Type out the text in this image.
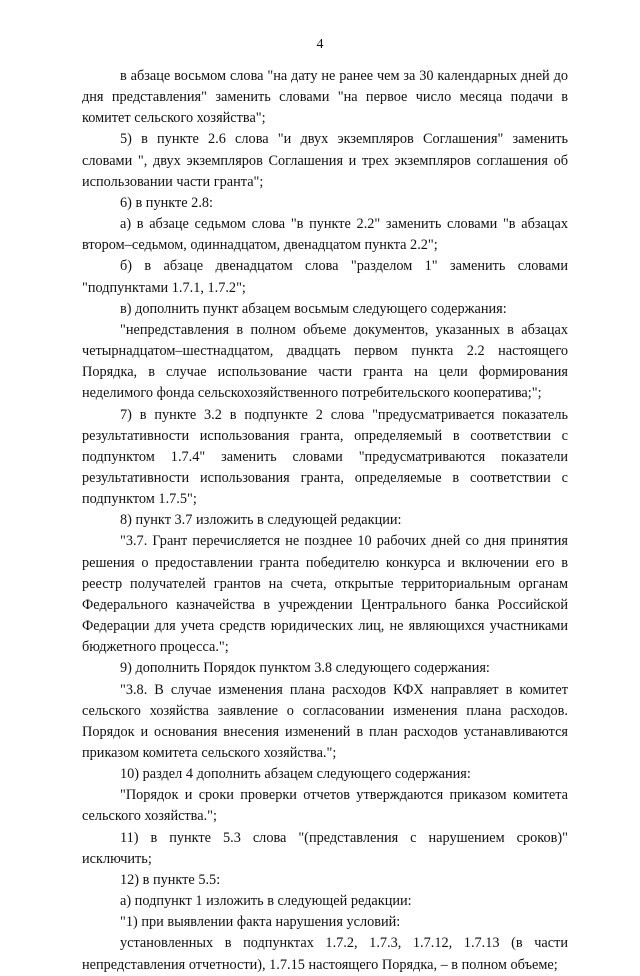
4

в абзаце восьмом слова "на дату не ранее чем за 30 календарных дней до дня представления" заменить словами "на первое число месяца подачи в комитет сельского хозяйства";

5) в пункте 2.6 слова "и двух экземпляров Соглашения" заменить словами ", двух экземпляров Соглашения и трех экземпляров соглашения об использовании части гранта";

6) в пункте 2.8:

а) в абзаце седьмом слова "в пункте 2.2" заменить словами "в абзацах втором–седьмом, одиннадцатом, двенадцатом пункта 2.2";

б) в абзаце двенадцатом слова "разделом 1" заменить словами "подпунктами 1.7.1, 1.7.2";

в) дополнить пункт абзацем восьмым следующего содержания:

"непредставления в полном объеме документов, указанных в абзацах четырнадцатом–шестнадцатом, двадцать первом пункта 2.2 настоящего Порядка, в случае использование части гранта на цели формирования неделимого фонда сельскохозяйственного потребительского кооператива;";

7) в пункте 3.2 в подпункте 2 слова "предусматривается показатель результативности использования гранта, определяемый в соответствии с подпунктом 1.7.4" заменить словами "предусматриваются показатели результативности использования гранта, определяемые в соответствии с подпунктом 1.7.5";

8) пункт 3.7 изложить в следующей редакции:

"3.7. Грант перечисляется не позднее 10 рабочих дней со дня принятия решения о предоставлении гранта победителю конкурса и включении его в реестр получателей грантов на счета, открытые территориальным органам Федерального казначейства в учреждении Центрального банка Российской Федерации для учета средств юридических лиц, не являющихся участниками бюджетного процесса.";

9) дополнить Порядок пунктом 3.8 следующего содержания:

"3.8. В случае изменения плана расходов КФХ направляет в комитет сельского хозяйства заявление о согласовании изменения плана расходов. Порядок и основания внесения изменений в план расходов устанавливаются приказом комитета сельского хозяйства.";

10) раздел 4 дополнить абзацем следующего содержания:

"Порядок и сроки проверки отчетов утверждаются приказом комитета сельского хозяйства.";

11) в пункте 5.3 слова "(представления с нарушением сроков)" исключить;

12) в пункте 5.5:

а) подпункт 1 изложить в следующей редакции:

"1) при выявлении факта нарушения условий:

установленных в подпунктах 1.7.2, 1.7.3, 1.7.12, 1.7.13 (в части непредставления отчетности), 1.7.15 настоящего Порядка, – в полном объеме;
